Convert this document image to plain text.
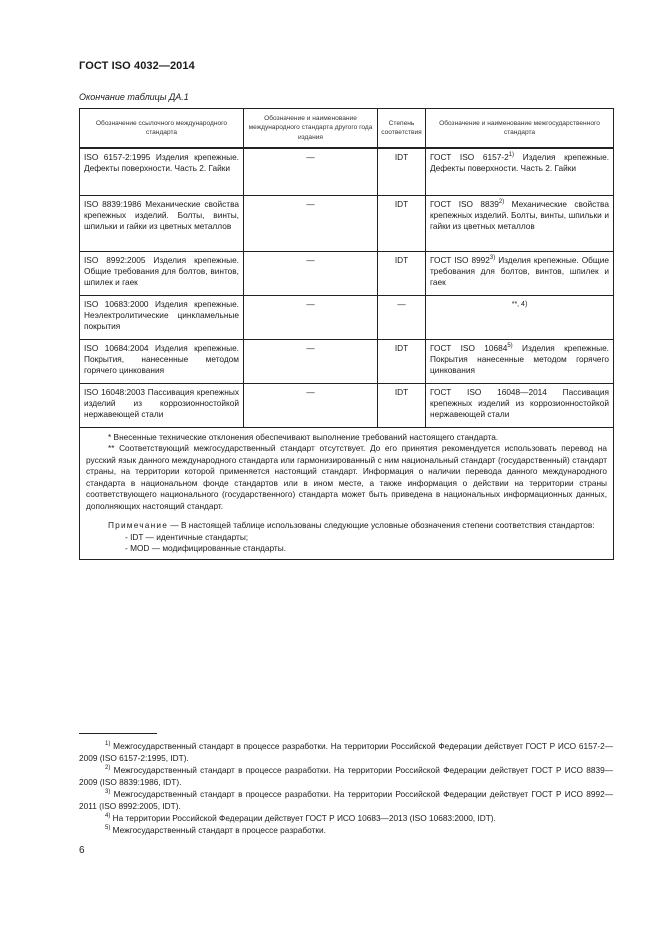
ГОСТ ISO 4032—2014
Окончание таблицы ДА.1
Обозначение ссылочного международного стандарта	Обозначение и наименование международного стандарта другого года издания	Степень соответствия	Обозначение и наименование межгосударственного стандарта
ISO 6157-2:1995 Изделия крепежные. Дефекты поверхности. Часть 2. Гайки	—	IDT	ГОСТ ISO 6157-2$^{1)}$ Изделия крепежные. Дефекты поверхности. Часть 2. Гайки
ISO 8839:1986 Механические свойства крепежных изделий. Болты, винты, шпильки и гайки из цветных металлов	—	IDT	ГОСТ ISO 8839$^{2)}$ Механические свойства крепежных изделий. Болты, винты, шпильки и гайки из цветных металлов
ISO 8992:2005 Изделия крепежные. Общие требования для болтов, винтов, шпилек и гаек	—	IDT	ГОСТ ISO 8992$^{3)}$ Изделия крепежные. Общие требования для болтов, винтов, шпилек и гаек
ISO 10683:2000 Изделия крепежные. Неэлектролитические цинкламельные покрытия	—	—	**, 4)
ISO 10684:2004 Изделия крепежные. Покрытия, нанесенные методом горячего цинкования	—	IDT	ГОСТ ISO 10684$^{5)}$ Изделия крепежные. Покрытия нанесенные методом горячего цинкования
ISO 16048:2003 Пассивация крепежных изделий из коррозионностойкой нержавеющей стали	—	IDT	ГОСТ ISO 16048—2014 Пассивация крепежных изделий из коррозионностойкой нержавеющей стали

* Внесенные технические отклонения обеспечивают выполнение требований настоящего стандарта.

** Соответствующий межгосударственный стандарт отсутствует. До его принятия рекомендуется использовать перевод на русский язык данного международного стандарта или гармонизированный с ним национальный стандарт (государственный) стандарт страны, на территории которой применяется настоящий стандарт. Информация о наличии перевода данного международного стандарта в национальном фонде стандартов или в ином месте, а также информация о действии на территории страны соответствующего национального (государственного) стандарта может быть приведена в национальных информационных данных, дополняющих настоящий стандарт.

Примечание — В настоящей таблице использованы следующие условные обозначения степени соответствия стандартов:

- IDT — идентичные стандарты;

- MOD — модифицированные стандарты.			

$^{1)}$ Межгосударственный стандарт в процессе разработки. На территории Российской Федерации действует ГОСТ Р ИСО 6157-2—2009 (ISO 6157-2:1995, IDT).

$^{2)}$ Межгосударственный стандарт в процессе разработки. На территории Российской Федерации действует ГОСТ Р ИСО 8839—2009 (ISO 8839:1986, IDT).

$^{3)}$ Межгосударственный стандарт в процессе разработки. На территории Российской Федерации действует ГОСТ Р ИСО 8992—2011 (ISO 8992:2005, IDT).

$^{4)}$ На территории Российской Федерации действует ГОСТ Р ИСО 10683—2013 (ISO 10683:2000, IDT).

$^{5)}$ Межгосударственный стандарт в процессе разработки.

6
